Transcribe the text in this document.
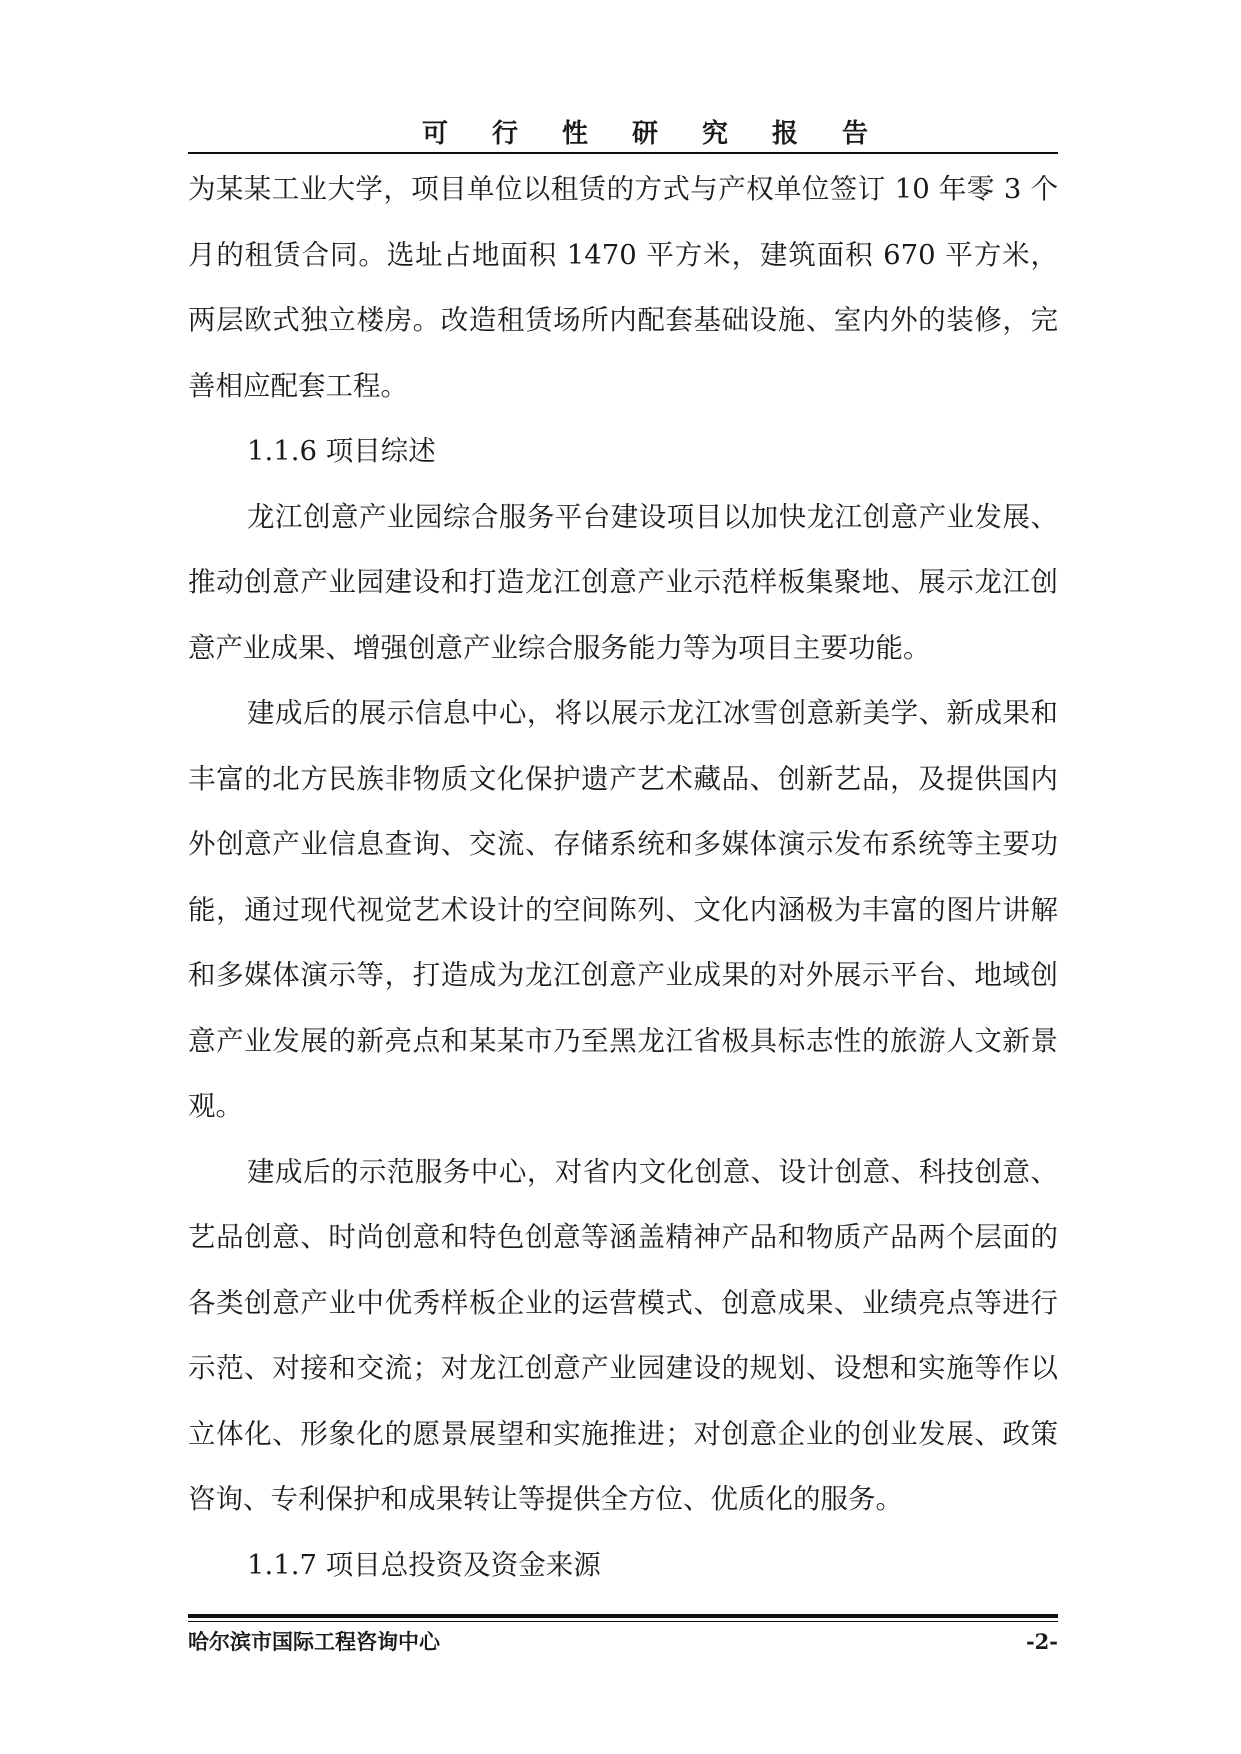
可行性研究报告

为某某工业大学，项目单位以租赁的方式与产权单位签订 10 年零 3 个月的租赁合同。选址占地面积 1470 平方米，建筑面积 670 平方米，两层欧式独立楼房。改造租赁场所内配套基础设施、室内外的装修，完善相应配套工程。

1.1.6 项目综述

龙江创意产业园综合服务平台建设项目以加快龙江创意产业发展、推动创意产业园建设和打造龙江创意产业示范样板集聚地、展示龙江创意产业成果、增强创意产业综合服务能力等为项目主要功能。

建成后的展示信息中心，将以展示龙江冰雪创意新美学、新成果和丰富的北方民族非物质文化保护遗产艺术藏品、创新艺品，及提供国内外创意产业信息查询、交流、存储系统和多媒体演示发布系统等主要功能，通过现代视觉艺术设计的空间陈列、文化内涵极为丰富的图片讲解和多媒体演示等，打造成为龙江创意产业成果的对外展示平台、地域创意产业发展的新亮点和某某市乃至黑龙江省极具标志性的旅游人文新景观。

建成后的示范服务中心，对省内文化创意、设计创意、科技创意、艺品创意、时尚创意和特色创意等涵盖精神产品和物质产品两个层面的各类创意产业中优秀样板企业的运营模式、创意成果、业绩亮点等进行示范、对接和交流；对龙江创意产业园建设的规划、设想和实施等作以立体化、形象化的愿景展望和实施推进；对创意企业的创业发展、政策咨询、专利保护和成果转让等提供全方位、优质化的服务。

1.1.7 项目总投资及资金来源

哈尔滨市国际工程咨询中心	-2-
